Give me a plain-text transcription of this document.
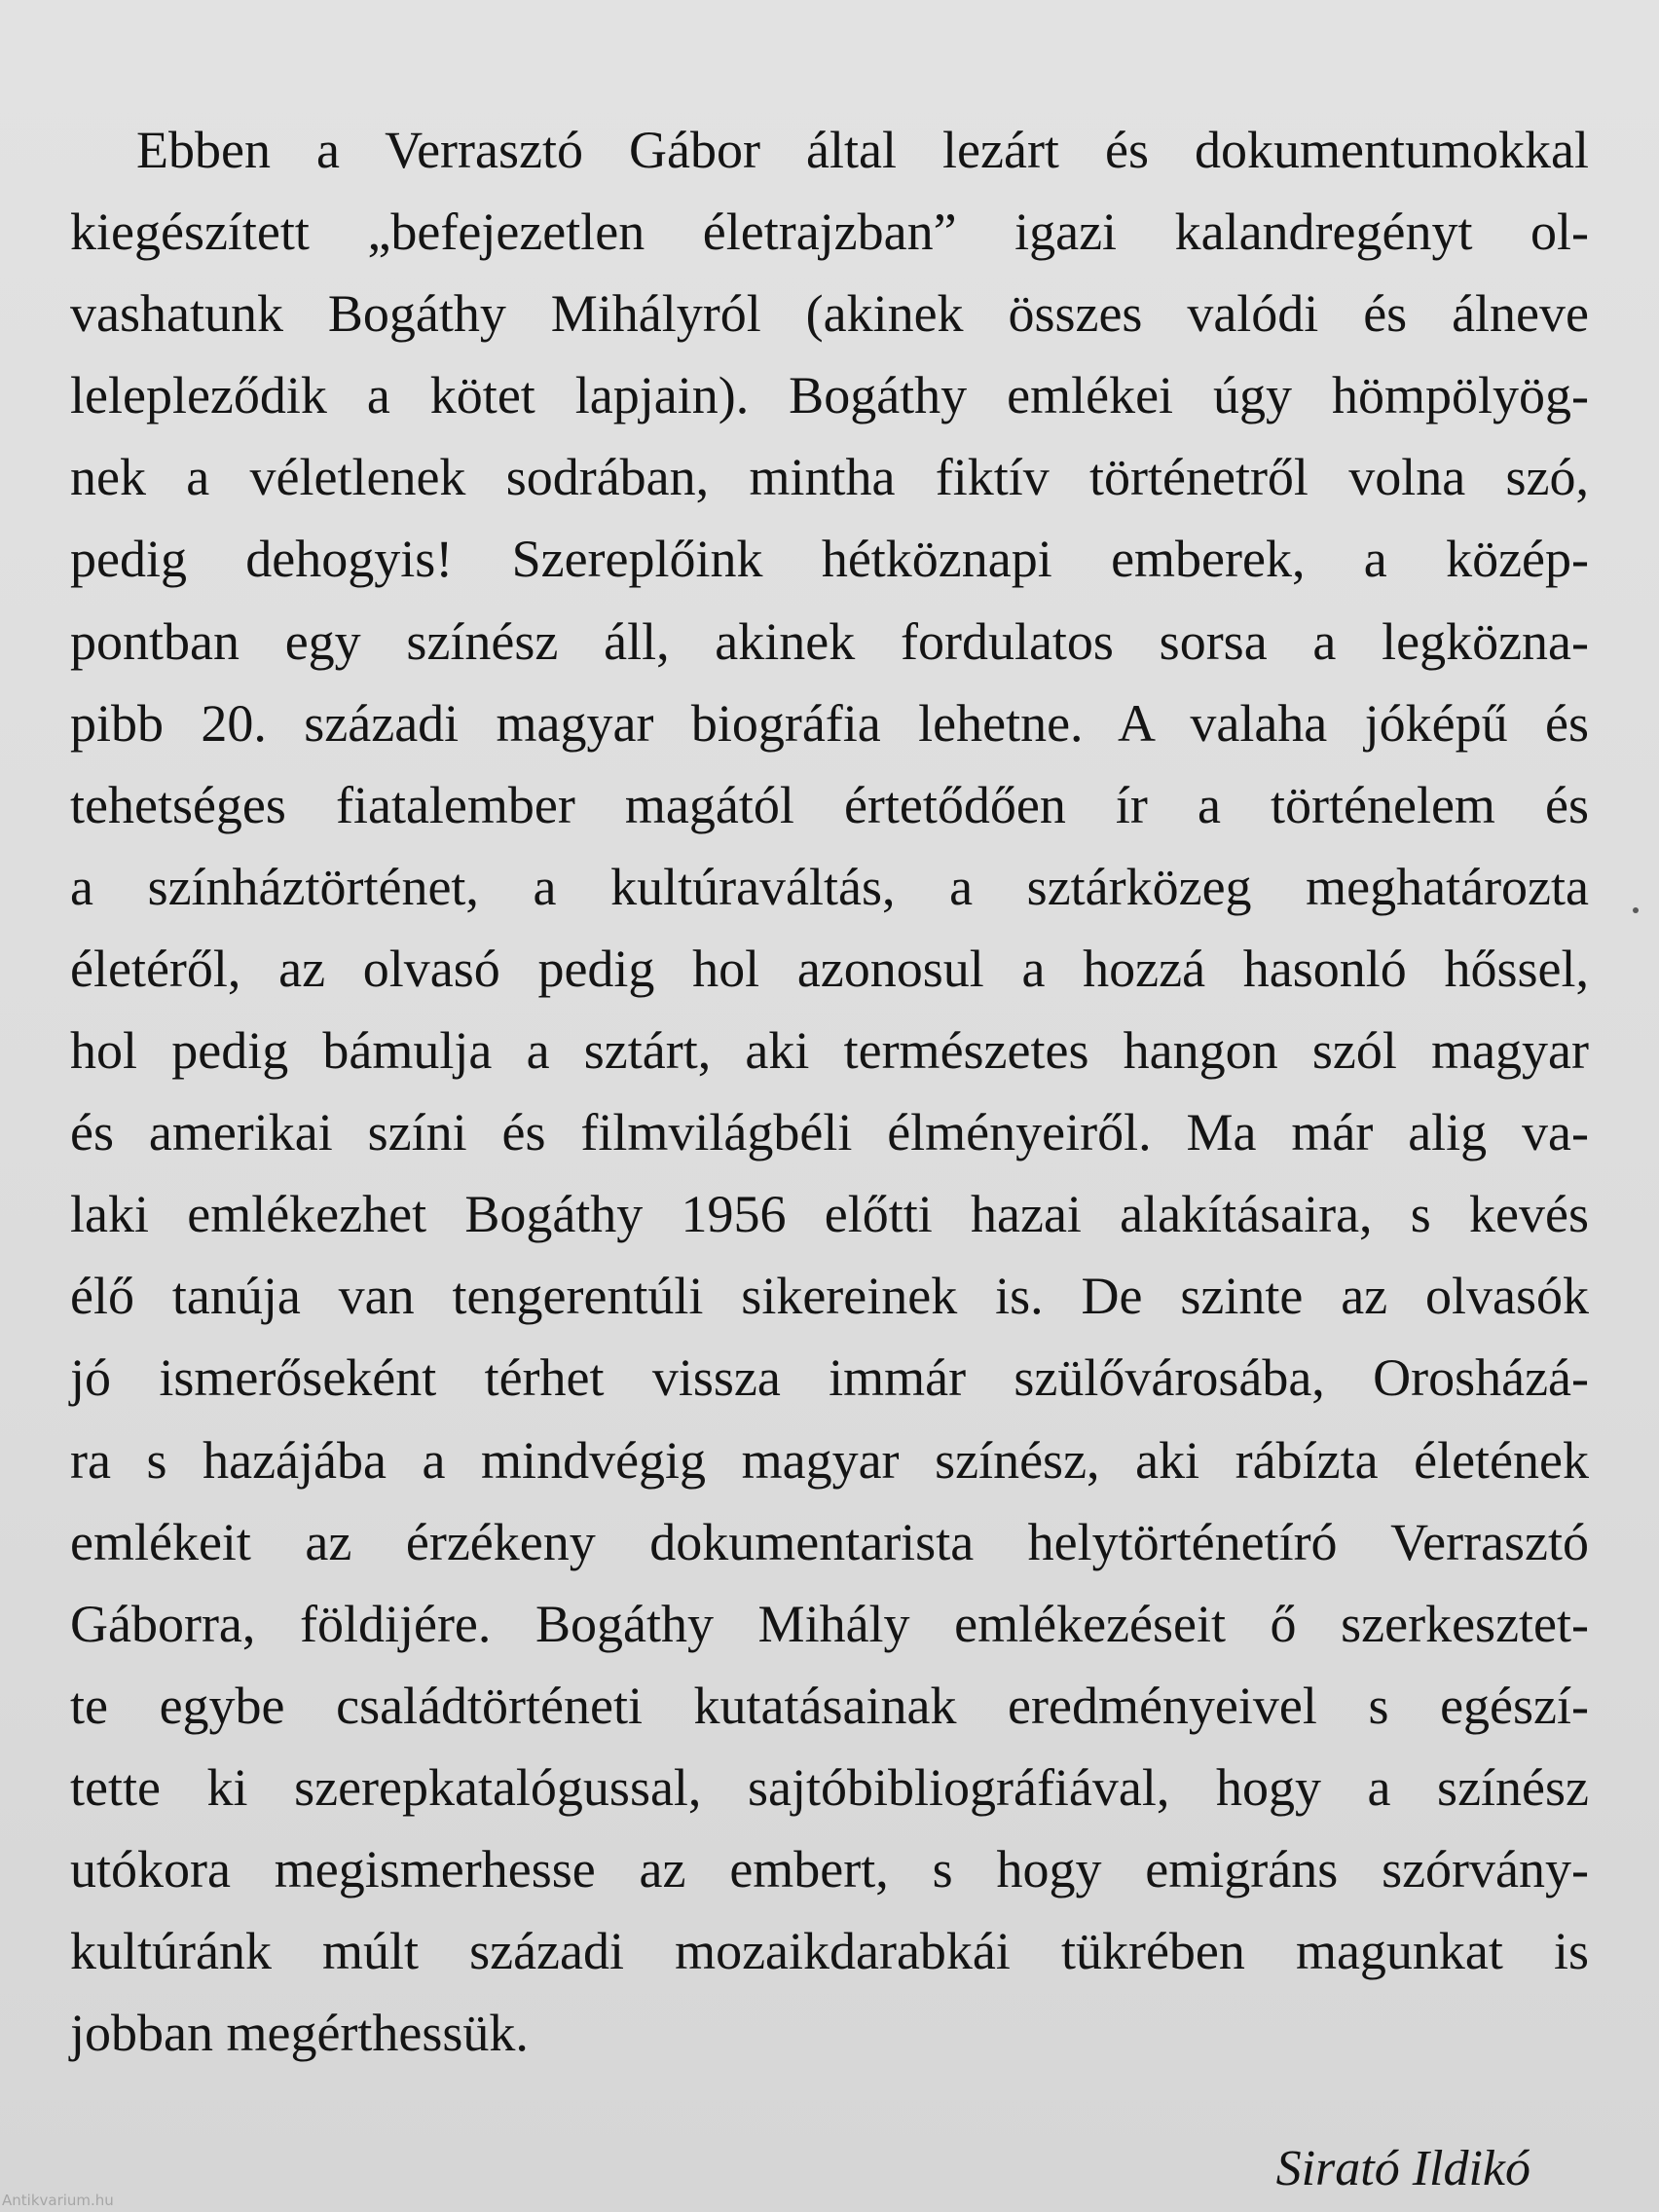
Ebben a Verrasztó Gábor által lezárt és dokumentumokkal
kiegészített „befejezetlen életrajzban” igazi kalandregényt ol-
vashatunk Bogáthy Mihályról (akinek összes valódi és álneve
lelepleződik a kötet lapjain). Bogáthy emlékei úgy hömpölyög-
nek a véletlenek sodrában, mintha fiktív történetről volna szó,
pedig dehogyis! Szereplőink hétköznapi emberek, a közép-
pontban egy színész áll, akinek fordulatos sorsa a legközna-
pibb 20. századi magyar biográfia lehetne. A valaha jóképű és
tehetséges fiatalember magától értetődően ír a történelem és
a színháztörténet, a kultúraváltás, a sztárközeg meghatározta
életéről, az olvasó pedig hol azonosul a hozzá hasonló hőssel,
hol pedig bámulja a sztárt, aki természetes hangon szól magyar
és amerikai színi és filmvilágbéli élményeiről. Ma már alig va-
laki emlékezhet Bogáthy 1956 előtti hazai alakításaira, s kevés
élő tanúja van tengerentúli sikereinek is. De szinte az olvasók
jó ismerőseként térhet vissza immár szülővárosába, Orosházá-
ra s hazájába a mindvégig magyar színész, aki rábízta életének
emlékeit az érzékeny dokumentarista helytörténetíró Verrasztó
Gáborra, földijére. Bogáthy Mihály emlékezéseit ő szerkesztet-
te egybe családtörténeti kutatásainak eredményeivel s egészí-
tette ki szerepkatalógussal, sajtóbibliográfiával, hogy a színész
utókora megismerhesse az embert, s hogy emigráns szórvány-
kultúránk múlt századi mozaikdarabkái tükrében magunkat is
jobban megérthessük.
Sirató Ildikó
Antikvarium.hu
